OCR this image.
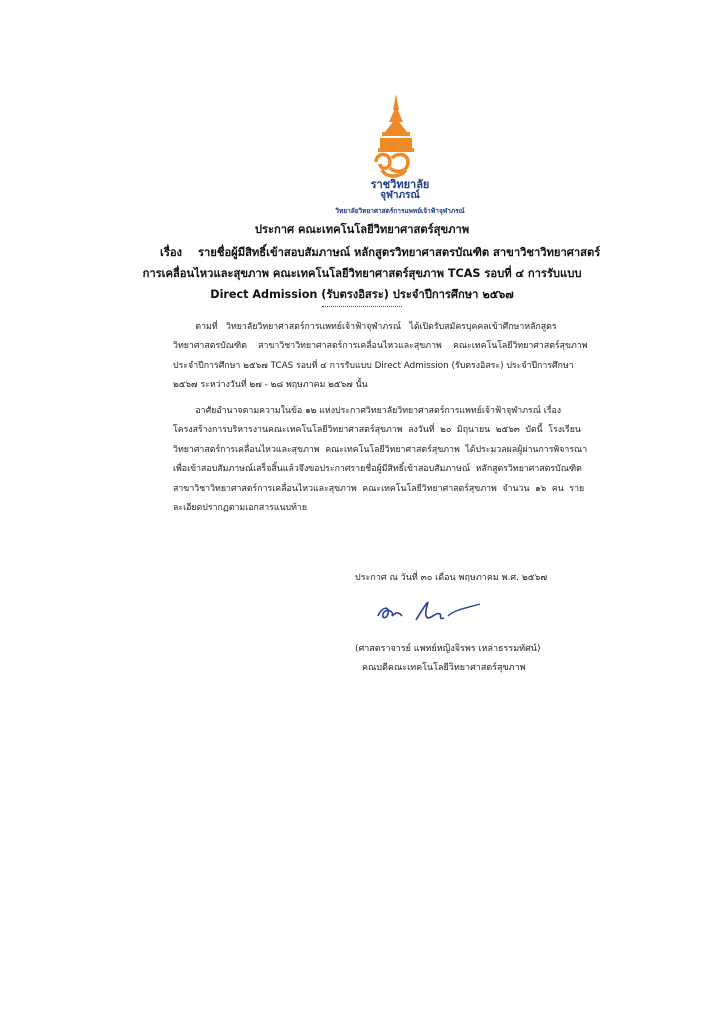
ราชวิทยาลัย
จุฬาภรณ์
วิทยาลัยวิทยาศาสตร์การแพทย์เจ้าฟ้าจุฬาภรณ์
ประกาศ คณะเทคโนโลยีวิทยาศาสตร์สุขภาพ
เรื่อง รายชื่อผู้มีสิทธิ์เข้าสอบสัมภาษณ์ หลักสูตรวิทยาศาสตรบัณฑิต สาขาวิชาวิทยาศาสตร์
การเคลื่อนไหวและสุขภาพ คณะเทคโนโลยีวิทยาศาสตร์สุขภาพ TCAS รอบที่ ๔ การรับแบบ
Direct Admission (รับตรงอิสระ) ประจำปีการศึกษา ๒๕๖๗
ตามที่   วิทยาลัยวิทยาศาสตร์การแพทย์เจ้าฟ้าจุฬาภรณ์   ได้เปิดรับสมัครบุคคลเข้าศึกษาหลักสูตร
วิทยาศาสตรบัณฑิต    สาขาวิชาวิทยาศาสตร์การเคลื่อนไหวและสุขภาพ    คณะเทคโนโลยีวิทยาศาสตร์สุขภาพ
ประจำปีการศึกษา ๒๕๖๗ TCAS รอบที่ ๔ การรับแบบ Direct Admission (รับตรงอิสระ) ประจำปีการศึกษา
๒๕๖๗ ระหว่างวันที่ ๒๗ - ๒๘ พฤษภาคม ๒๕๖๗ นั้น
อาศัยอำนาจตามความในข้อ ๑๒ แห่งประกาศวิทยาลัยวิทยาศาสตร์การแพทย์เจ้าฟ้าจุฬาภรณ์ เรื่อง
โครงสร้างการบริหารงานคณะเทคโนโลยีวิทยาศาสตร์สุขภาพ  ลงวันที่  ๒๐  มิถุนายน  ๒๕๖๓  บัดนี้  โรงเรียน
วิทยาศาสตร์การเคลื่อนไหวและสุขภาพ  คณะเทคโนโลยีวิทยาศาสตร์สุขภาพ  ได้ประมวลผลผู้ผ่านการพิจารณา
เพื่อเข้าสอบสัมภาษณ์เสร็จสิ้นแล้วจึงขอประกาศรายชื่อผู้มีสิทธิ์เข้าสอบสัมภาษณ์  หลักสูตรวิทยาศาสตรบัณฑิต
สาขาวิชาวิทยาศาสตร์การเคลื่อนไหวและสุขภาพ  คณะเทคโนโลยีวิทยาศาสตร์สุขภาพ  จำนวน  ๑๖  คน  ราย
ละเอียดปรากฏตามเอกสารแนบท้าย
ประกาศ ณ วันที่ ๓๐ เดือน พฤษภาคม พ.ศ. ๒๕๖๗
(ศาสตราจารย์ แพทย์หญิงจิรพร เหล่าธรรมทัศน์)
คณบดีคณะเทคโนโลยีวิทยาศาสตร์สุขภาพ
